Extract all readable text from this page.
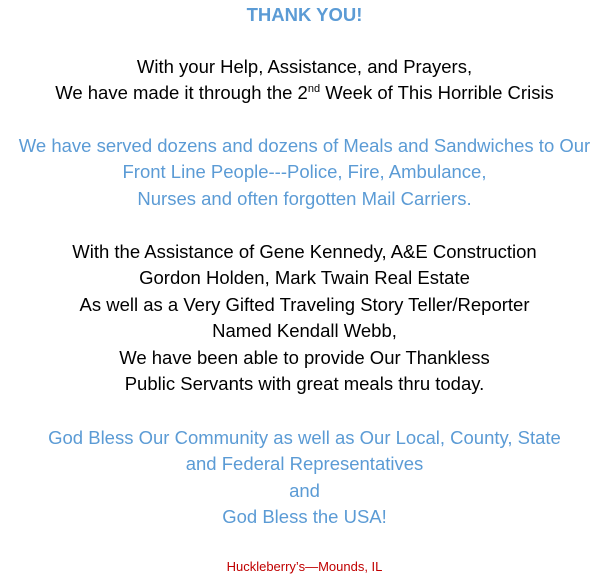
THANK YOU!
With your Help, Assistance, and Prayers,
We have made it through the 2nd Week of This Horrible Crisis
We have served dozens and dozens of Meals and Sandwiches to Our
Front Line People---Police, Fire, Ambulance,
Nurses and often forgotten Mail Carriers.
With the Assistance of Gene Kennedy, A&E Construction
Gordon Holden, Mark Twain Real Estate
As well as a Very Gifted Traveling Story Teller/Reporter
Named Kendall Webb,
We have been able to provide Our Thankless
Public Servants with great meals thru today.
God Bless Our Community as well as Our Local, County, State
and Federal Representatives
and
God Bless the USA!
Huckleberry’s—Mounds, IL
